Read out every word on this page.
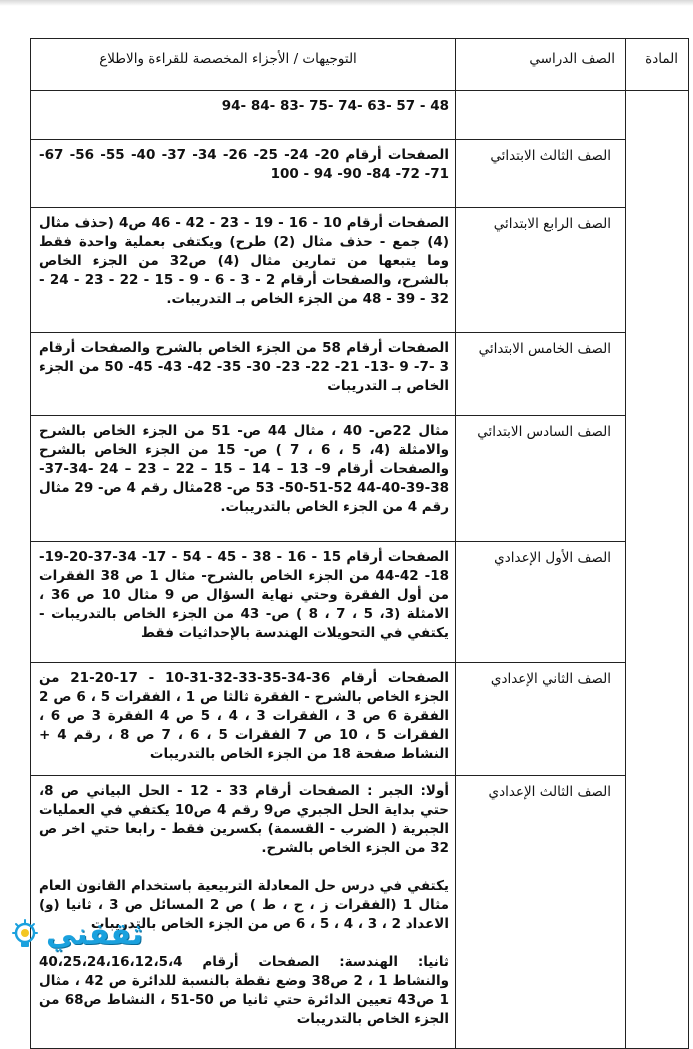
المادة	الصف الدراسي	التوجيهات / الأجزاء المخصصة للقراءة والاطلاع

		48 - 57 -63 -74 -75 -83 -84 -94

	الصف الثالث الابتدائي	الصفحات أرقام 20- 24- 25- 26- 34- 37- 40- 55- 56- 67- 71- 72- 84- 90- 94 - 100

	الصف الرابع الابتدائي	الصفحات أرقام 10 - 16 - 19 - 23 - 42 - 46 ص4 (حذف مثال (4) جمع - حذف مثال (2) طرح) ويكتفى بعملية واحدة فقط وما يتبعها من تمارين مثال (4) ص32 من الجزء الخاص بالشرح، والصفحات أرقام 2 - 3 - 6 - 9 - 15 - 22 - 23 - 24 - 32 - 39 - 48 من الجزء الخاص بـ التدريبات.

	الصف الخامس الابتدائي	الصفحات أرقام 58 من الجزء الخاص بالشرح والصفحات أرقام 3 -7- 9 -13- 21- 22- 23- 30- 35- 42- 43- 45- 50 من الجزء الخاص بـ التدريبات

	الصف السادس الابتدائي	مثال 22ص- 40 ، مثال 44 ص- 51 من الجزء الخاص بالشرح والامثلة (4، 5 ، 6 ، 7 ) ص- 15 من الجزء الخاص بالشرح والصفحات أرقام 9– 13 – 14 – 15 – 22 – 23 – 24 -34-37-38-39-40-44 52-51-50- 53 ص- 28مثال رقم 4 ص- 29 مثال رقم 4 من الجزء الخاص بالتدريبات.

	الصف الأول الإعدادي	الصفحات أرقام 15 - 16 - 38 - 45 - 54 - 17- 34-37-20-19-18- 42-44 من الجزء الخاص بالشرح- مثال 1 ص 38 الفقرات من أول الفقرة وحتي نهاية السؤال ص 9 مثال 10 ص 36 ، الامثلة (3، 5 ، 7 ، 8 ) ص- 43 من الجزء الخاص بالتدريبات - يكتفي في التحويلات الهندسة بالإحداثيات فقط

	الصف الثاني الإعدادي	الصفحات أرقام 36-34-35-33-32-31-10 - 17-20-21 من الجزء الخاص بالشرح - الفقرة ثالثا ص 1 ، الفقرات 5 ، 6 ص 2 الفقرة 6 ص 3 ، الفقرات 3 ، 4 ، 5 ص 4 الفقرة 3 ص 6 ، الفقرات 5 ، 10 ص 7 الفقرات 5 ، 6 ، 7 ص 8 ، رقم 4 + النشاط صفحة 18 من الجزء الخاص بالتدريبات

	الصف الثالث الإعدادي	أولا: الجبر : الصفحات أرقام 33 - 12 - الحل البياني ص 8، حتي بداية الحل الجبري ص9 رقم 4 ص10 يكتفي في العمليات الجبرية ( الضرب - القسمة) بكسرين فقط - رابعا حتي اخر ص 32 من الجزء الخاص بالشرح.

يكتفي في درس حل المعادلة التربيعية باستخدام القانون العام مثال 1 (الفقرات ز ، ح ، ط ) ص 2 المسائل ص 3 ، ثانيا (و) الاعداد 2 ، 3 ، 4 ، 5 ، 6 ص من الجزء الخاص بالتدريبات

ثانيا: الهندسة: الصفحات أرقام 40،25،24،16،12،5،4 والنشاط 1 ، 2 ص38 وضع نقطة بالنسبة للدائرة ص 42 ، مثال 1 ص43 تعيين الدائرة حتي ثانيا ص 50-51 ، النشاط ص68 من الجزء الخاص بالتدريبات

ثقفني
